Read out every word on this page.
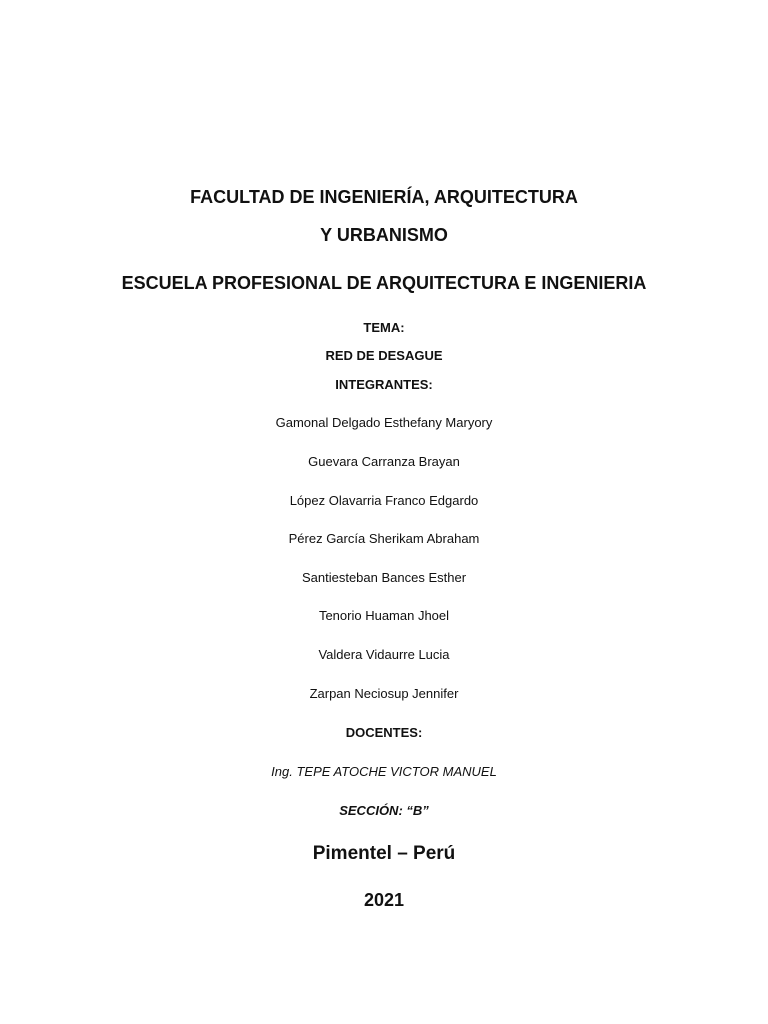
FACULTAD DE INGENIERÍA, ARQUITECTURA
Y URBANISMO
ESCUELA PROFESIONAL DE ARQUITECTURA E INGENIERIA
TEMA:
RED DE DESAGUE
INTEGRANTES:
Gamonal Delgado Esthefany Maryory
Guevara Carranza Brayan
López Olavarria Franco Edgardo
Pérez García Sherikam Abraham
Santiesteban Bances Esther
Tenorio Huaman Jhoel
Valdera Vidaurre Lucia
Zarpan Neciosup Jennifer
DOCENTES:
Ing. TEPE ATOCHE VICTOR MANUEL
SECCIÓN: “B”
Pimentel – Perú
2021
